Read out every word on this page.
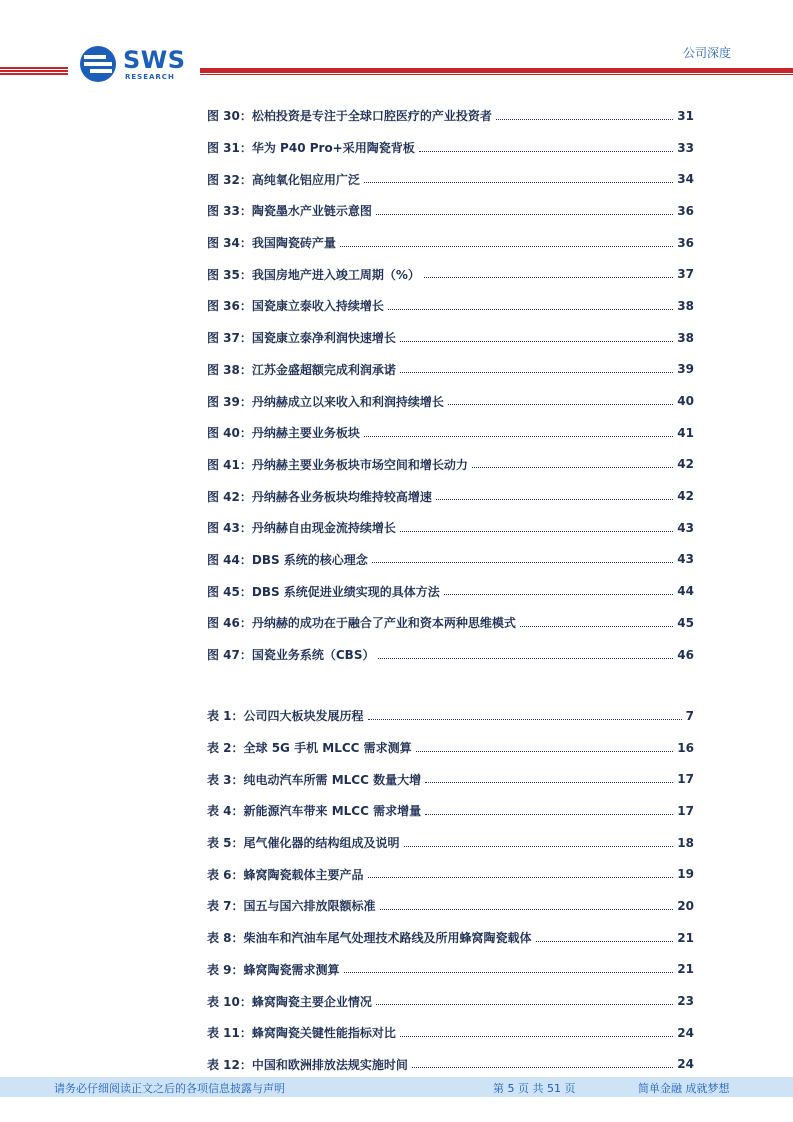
SWS
RESEARCH
公司深度
图 30：松柏投资是专注于全球口腔医疗的产业投资者	31
图 31：华为 P40 Pro+采用陶瓷背板	33
图 32：高纯氧化铝应用广泛	34
图 33：陶瓷墨水产业链示意图	36
图 34：我国陶瓷砖产量	36
图 35：我国房地产进入竣工周期（%）	37
图 36：国瓷康立泰收入持续增长	38
图 37：国瓷康立泰净利润快速增长	38
图 38：江苏金盛超额完成利润承诺	39
图 39：丹纳赫成立以来收入和利润持续增长	40
图 40：丹纳赫主要业务板块	41
图 41：丹纳赫主要业务板块市场空间和增长动力	42
图 42：丹纳赫各业务板块均维持较高增速	42
图 43：丹纳赫自由现金流持续增长	43
图 44：DBS 系统的核心理念	43
图 45：DBS 系统促进业绩实现的具体方法	44
图 46：丹纳赫的成功在于融合了产业和资本两种思维模式	45
图 47：国瓷业务系统（CBS）	46
表 1：公司四大板块发展历程	7
表 2：全球 5G 手机 MLCC 需求测算	16
表 3：纯电动汽车所需 MLCC 数量大增	17
表 4：新能源汽车带来 MLCC 需求增量	17
表 5：尾气催化器的结构组成及说明	18
表 6：蜂窝陶瓷载体主要产品	19
表 7：国五与国六排放限额标准	20
表 8：柴油车和汽油车尾气处理技术路线及所用蜂窝陶瓷载体	21
表 9：蜂窝陶瓷需求测算	21
表 10：蜂窝陶瓷主要企业情况	23
表 11：蜂窝陶瓷关键性能指标对比	24
表 12：中国和欧洲排放法规实施时间	24
请务必仔细阅读正文之后的各项信息披露与声明	第 5 页 共 51 页	简单金融 成就梦想
